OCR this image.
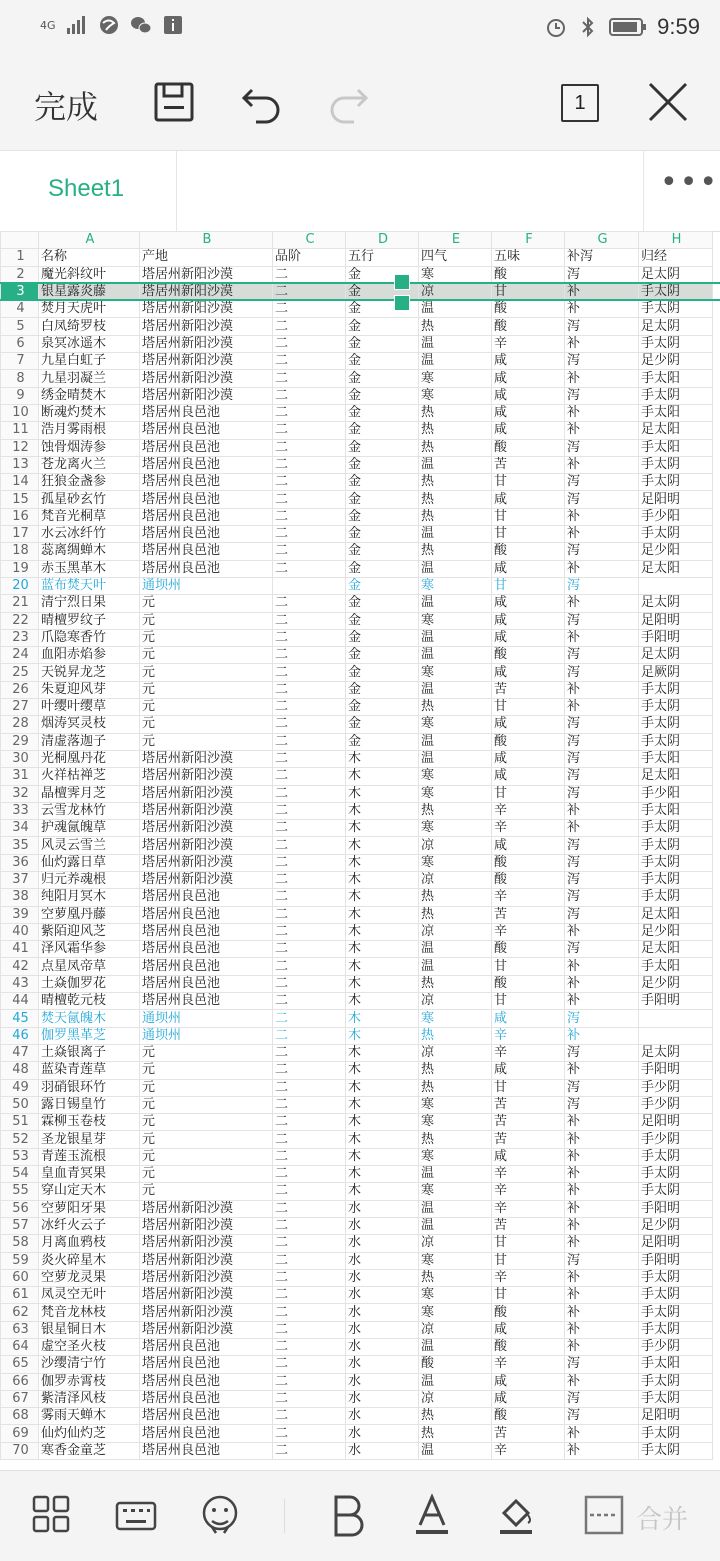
4G	9:59
完成	1
Sheet1	•••
	A	B	C	D	E	F	G	H
1	名称	产地	品阶	五行	四气	五味	补泻	归经
2	魔光斜纹叶	塔居州新阳沙漠	二	金	寒	酸	泻	足太阴
3	银星露炎藤	塔居州新阳沙漠	二	金	凉	甘	补	手太阴
4	焚月天虎叶	塔居州新阳沙漠	二	金	温	酸	补	手太阴
5	白凤绮罗枝	塔居州新阳沙漠	二	金	热	酸	泻	足太阴
6	泉冥冰遥木	塔居州新阳沙漠	二	金	温	辛	补	手太阴
7	九星白虹子	塔居州新阳沙漠	二	金	温	咸	泻	足少阴
8	九星羽凝兰	塔居州新阳沙漠	二	金	寒	咸	补	手太阳
9	绣金晴焚木	塔居州新阳沙漠	二	金	寒	咸	泻	手太阴
10	断魂灼焚木	塔居州良邑池	二	金	热	咸	补	手太阳
11	浩月雾雨根	塔居州良邑池	二	金	热	咸	补	足太阳
12	蚀骨烟涛参	塔居州良邑池	二	金	热	酸	泻	手太阳
13	苍龙离火兰	塔居州良邑池	二	金	温	苦	补	手太阴
14	狂狼金盏参	塔居州良邑池	二	金	热	甘	泻	手太阴
15	孤星砂玄竹	塔居州良邑池	二	金	热	咸	泻	足阳明
16	梵音光桐草	塔居州良邑池	二	金	热	甘	补	手少阳
17	水云冰纤竹	塔居州良邑池	二	金	温	甘	补	手太阴
18	蕊离绸蝉木	塔居州良邑池	二	金	热	酸	泻	足少阳
19	赤玉黑革木	塔居州良邑池	二	金	温	咸	补	足太阳
20	蓝布焚天叶	通坝州		金	寒	甘	泻	
21	清宁烈日果	元	二	金	温	咸	补	足太阴
22	晴檀罗纹子	元	二	金	寒	咸	泻	足阳明
23	爪隐寒香竹	元	二	金	温	咸	补	手阳明
24	血阳赤焰参	元	二	金	温	酸	泻	足太阴
25	天锐昇龙芝	元	二	金	寒	咸	泻	足厥阴
26	朱夏迎风芽	元	二	金	温	苦	补	手太阴
27	叶缨叶缨草	元	二	金	热	甘	补	手太阴
28	烟涛冥灵枝	元	二	金	寒	咸	泻	手太阴
29	清虚落迦子	元	二	金	温	酸	泻	手太阴
30	光桐凰丹花	塔居州新阳沙漠	二	木	温	咸	泻	手太阳
31	火祥枯禅芝	塔居州新阳沙漠	二	木	寒	咸	泻	足太阳
32	晶檀霁月芝	塔居州新阳沙漠	二	木	寒	甘	泻	手少阳
33	云雪龙林竹	塔居州新阳沙漠	二	木	热	辛	补	手太阳
34	护魂氤魄草	塔居州新阳沙漠	二	木	寒	辛	补	手太阴
35	风灵云雪兰	塔居州新阳沙漠	二	木	凉	咸	泻	手太阴
36	仙灼露日草	塔居州新阳沙漠	二	木	寒	酸	泻	手太阴
37	归元养魂根	塔居州新阳沙漠	二	木	凉	酸	泻	手太阴
38	纯阳月冥木	塔居州良邑池	二	木	热	辛	泻	手太阴
39	空萝凰丹藤	塔居州良邑池	二	木	热	苦	泻	足太阳
40	紫陌迎风芝	塔居州良邑池	二	木	凉	辛	补	足少阳
41	泽风霜华参	塔居州良邑池	二	木	温	酸	泻	足太阳
42	点星凤帝草	塔居州良邑池	二	木	温	甘	补	手太阳
43	土焱伽罗花	塔居州良邑池	二	木	热	酸	补	足少阴
44	晴檀乾元枝	塔居州良邑池	二	木	凉	甘	补	手阳明
45	焚天氤魄木	通坝州	二	木	寒	咸	泻	
46	伽罗黑革芝	通坝州	二	木	热	辛	补	
47	土焱银离子	元	二	木	凉	辛	泻	足太阴
48	蓝染青莲草	元	二	木	热	咸	补	手阳明
49	羽硝银环竹	元	二	木	热	甘	泻	手少阴
50	露日锡皇竹	元	二	木	寒	苦	泻	手少阴
51	霖柳玉卷枝	元	二	木	寒	苦	补	足阳明
52	圣龙银星芽	元	二	木	热	苦	补	手少阴
53	青莲玉流根	元	二	木	寒	咸	补	手太阴
54	皇血青冥果	元	二	木	温	辛	补	手太阴
55	穿山定天木	元	二	木	寒	辛	补	手太阴
56	空萝阳牙果	塔居州新阳沙漠	二	水	温	辛	补	手阳明
57	冰纤火云子	塔居州新阳沙漠	二	水	温	苦	补	足少阴
58	月离血鸦枝	塔居州新阳沙漠	二	水	凉	甘	补	足阳明
59	炎火碎星木	塔居州新阳沙漠	二	水	寒	甘	泻	手阳明
60	空萝龙灵果	塔居州新阳沙漠	二	水	热	辛	补	手太阴
61	凤灵空无叶	塔居州新阳沙漠	二	水	寒	甘	补	手太阴
62	梵音龙林枝	塔居州新阳沙漠	二	水	寒	酸	补	手太阴
63	银星铜日木	塔居州新阳沙漠	二	水	凉	咸	补	手太阴
64	虚空圣火枝	塔居州良邑池	二	水	温	酸	补	手少阴
65	沙缨清宁竹	塔居州良邑池	二	水	酸	辛	泻	手太阳
66	伽罗赤霄枝	塔居州良邑池	二	水	温	咸	补	手太阴
67	紫清泽风枝	塔居州良邑池	二	水	凉	咸	泻	手太阴
68	雾雨天蝉木	塔居州良邑池	二	水	热	酸	泻	足阳明
69	仙灼仙灼芝	塔居州良邑池	二	水	热	苦	补	手太阴
70	寒香金童芝	塔居州良邑池	二	水	温	辛	补	手太阴
合并
